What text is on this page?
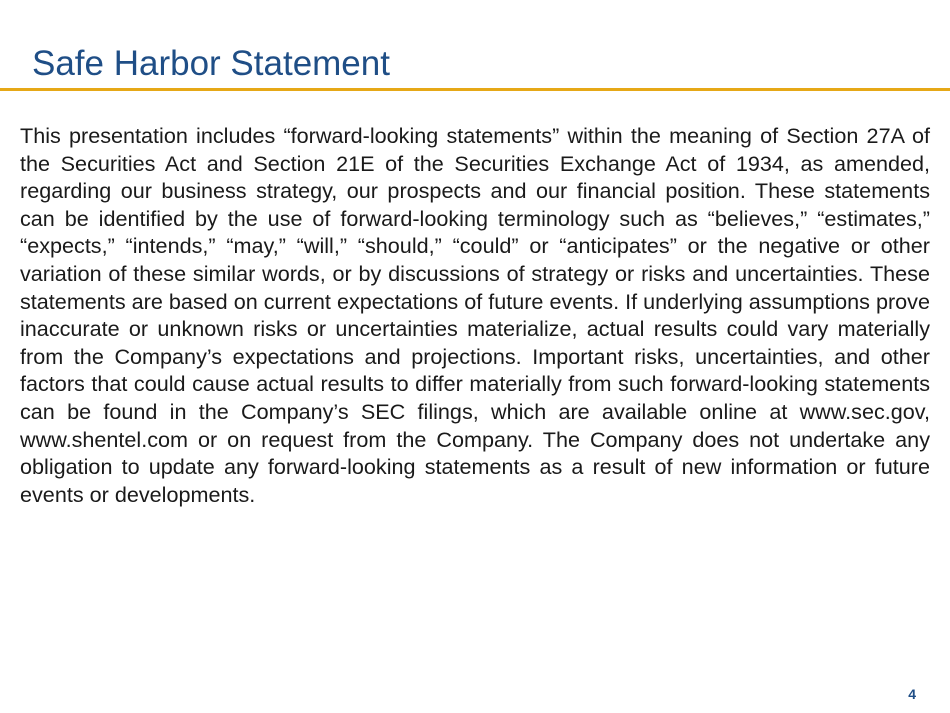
Safe Harbor Statement

This presentation includes “forward-looking statements” within the meaning of Section 27A of the Securities Act and Section 21E of the Securities Exchange Act of 1934, as amended, regarding our business strategy, our prospects and our financial position. These statements can be identified by the use of forward-looking terminology such as “believes,” “estimates,” “expects,” “intends,” “may,” “will,” “should,” “could” or “anticipates” or the negative or other variation of these similar words, or by discussions of strategy or risks and uncertainties. These statements are based on current expectations of future events. If underlying assumptions prove inaccurate or unknown risks or uncertainties materialize, actual results could vary materially from the Company’s expectations and projections. Important risks, uncertainties, and other factors that could cause actual results to differ materially from such forward-looking statements can be found in the Company’s SEC filings, which are available online at www.sec.gov, www.shentel.com or on request from the Company. The Company does not undertake any obligation to update any forward-looking statements as a result of new information or future events or developments.

4
